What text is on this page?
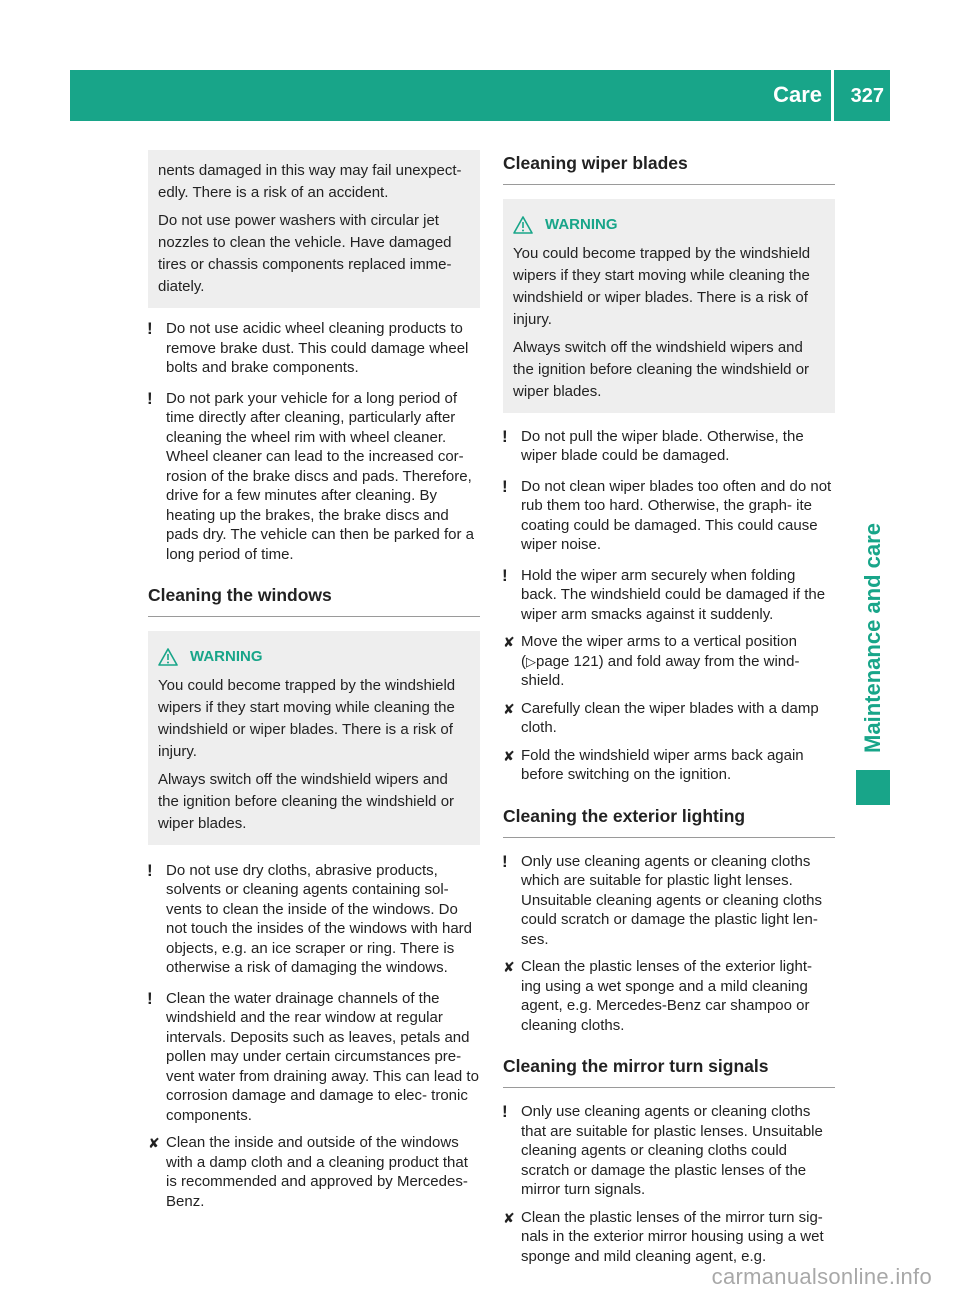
Care 327
Maintenance and care

nents damaged in this way may fail unexpect- edly. There is a risk of an accident.

Do not use power washers with circular jet nozzles to clean the vehicle. Have damaged tires or chassis components replaced imme- diately.

! Do not use acidic wheel cleaning products to remove brake dust. This could damage wheel bolts and brake components.
! Do not park your vehicle for a long period of time directly after cleaning, particularly after cleaning the wheel rim with wheel cleaner. Wheel cleaner can lead to the increased cor- rosion of the brake discs and pads. Therefore, drive for a few minutes after cleaning. By heating up the brakes, the brake discs and pads dry. The vehicle can then be parked for a long period of time.
Cleaning the windows
WARNING

You could become trapped by the windshield wipers if they start moving while cleaning the windshield or wiper blades. There is a risk of injury.

Always switch off the windshield wipers and the ignition before cleaning the windshield or wiper blades.

! Do not use dry cloths, abrasive products, solvents or cleaning agents containing sol- vents to clean the inside of the windows. Do not touch the insides of the windows with hard objects, e.g. an ice scraper or ring. There is otherwise a risk of damaging the windows.
! Clean the water drainage channels of the windshield and the rear window at regular intervals. Deposits such as leaves, petals and pollen may under certain circumstances pre- vent water from draining away. This can lead to corrosion damage and damage to elec- tronic components.
✘ Clean the inside and outside of the windows with a damp cloth and a cleaning product that is recommended and approved by Mercedes- Benz.
Cleaning wiper blades
WARNING

You could become trapped by the windshield wipers if they start moving while cleaning the windshield or wiper blades. There is a risk of injury.

Always switch off the windshield wipers and the ignition before cleaning the windshield or wiper blades.

! Do not pull the wiper blade. Otherwise, the wiper blade could be damaged.
! Do not clean wiper blades too often and do not rub them too hard. Otherwise, the graph- ite coating could be damaged. This could cause wiper noise.
! Hold the wiper arm securely when folding back. The windshield could be damaged if the wiper arm smacks against it suddenly.
✘ Move the wiper arms to a vertical position (▷page 121) and fold away from the wind- shield.
✘ Carefully clean the wiper blades with a damp cloth.
✘ Fold the windshield wiper arms back again before switching on the ignition.
Cleaning the exterior lighting
! Only use cleaning agents or cleaning cloths which are suitable for plastic light lenses. Unsuitable cleaning agents or cleaning cloths could scratch or damage the plastic light len- ses.
✘ Clean the plastic lenses of the exterior light- ing using a wet sponge and a mild cleaning agent, e.g. Mercedes-Benz car shampoo or cleaning cloths.
Cleaning the mirror turn signals
! Only use cleaning agents or cleaning cloths that are suitable for plastic lenses. Unsuitable cleaning agents or cleaning cloths could scratch or damage the plastic lenses of the mirror turn signals.
✘ Clean the plastic lenses of the mirror turn sig- nals in the exterior mirror housing using a wet sponge and mild cleaning agent, e.g.
carmanualsonline.info
